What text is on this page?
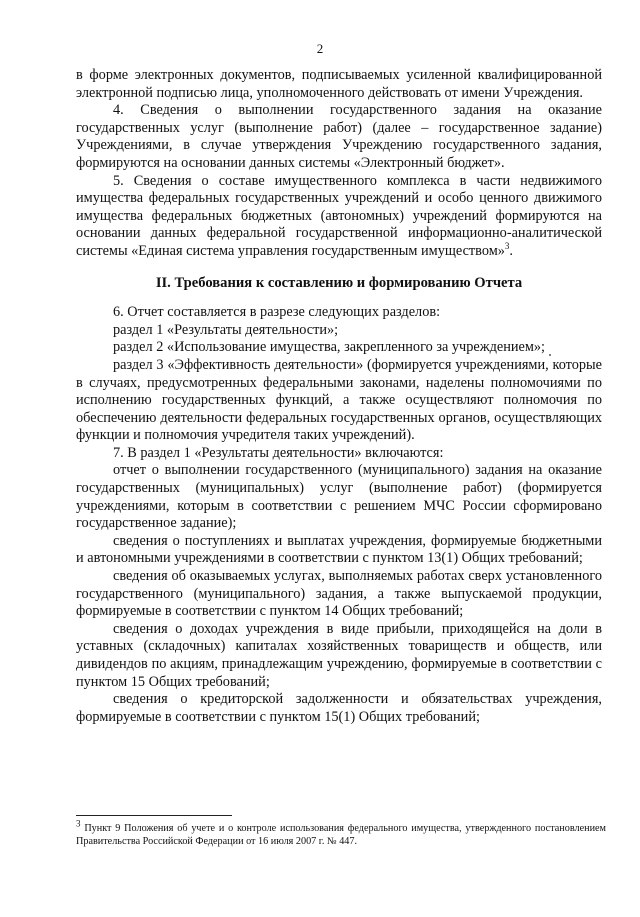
2

в форме электронных документов, подписываемых усиленной квалифицированной электронной подписью лица, уполномоченного действовать от имени Учреждения.

4. Сведения о выполнении государственного задания на оказание государственных услуг (выполнение работ) (далее – государственное задание) Учреждениями, в случае утверждения Учреждению государственного задания, формируются на основании данных системы «Электронный бюджет».

5. Сведения о составе имущественного комплекса в части недвижимого имущества федеральных государственных учреждений и особо ценного движимого имущества федеральных бюджетных (автономных) учреждений формируются на основании данных федеральной государственной информационно-аналитической системы «Единая система управления государственным имуществом»$^3$.

II. Требования к составлению и формированию Отчета

6. Отчет составляется в разрезе следующих разделов:

раздел 1 «Результаты деятельности»;

раздел 2 «Использование имущества, закрепленного за учреждением»;

раздел 3 «Эффективность деятельности» (формируется учреждениями, которые в случаях, предусмотренных федеральными законами, наделены полномочиями по исполнению государственных функций, а также осуществляют полномочия по обеспечению деятельности федеральных государственных органов, осуществляющих функции и полномочия учредителя таких учреждений).

7. В раздел 1 «Результаты деятельности» включаются:

отчет о выполнении государственного (муниципального) задания на оказание государственных (муниципальных) услуг (выполнение работ) (формируется учреждениями, которым в соответствии с решением МЧС России сформировано государственное задание);

сведения о поступлениях и выплатах учреждения, формируемые бюджетными и автономными учреждениями в соответствии с пунктом 13(1) Общих требований;

сведения об оказываемых услугах, выполняемых работах сверх установленного государственного (муниципального) задания, а также выпускаемой продукции, формируемые в соответствии с пунктом 14 Общих требований;

сведения о доходах учреждения в виде прибыли, приходящейся на доли в уставных (складочных) капиталах хозяйственных товариществ и обществ, или дивидендов по акциям, принадлежащим учреждению, формируемые в соответствии с пунктом 15 Общих требований;

сведения о кредиторской задолженности и обязательствах учреждения, формируемые в соответствии с пунктом 15(1) Общих требований;

$^3$ Пункт 9 Положения об учете и о контроле использования федерального имущества, утвержденного постановлением Правительства Российской Федерации от 16 июля 2007 г. № 447.
